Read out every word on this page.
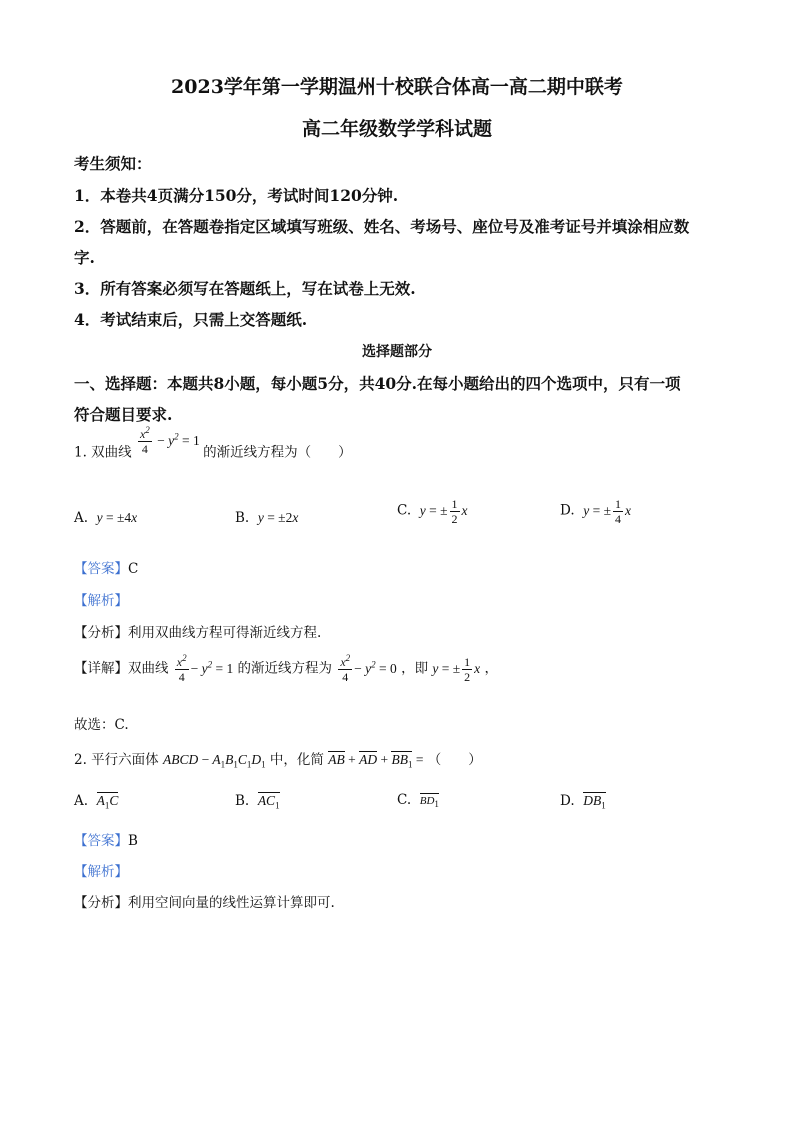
2023学年第一学期温州十校联合体高一高二期中联考
高二年级数学学科试题
考生须知：
1．本卷共4页满分150分，考试时间120分钟.
2．答题前，在答题卷指定区域填写班级、姓名、考场号、座位号及准考证号并填涂相应数
字.
3．所有答案必须写在答题纸上，写在试卷上无效.
4．考试结束后，只需上交答题纸.
选择题部分
一、选择题：本题共8小题，每小题5分，共40分.在每小题给出的四个选项中，只有一项
符合题目要求.
1. 双曲线 $\frac{x^2}{4} - y^2 = 1$ 的渐近线方程为（　　）
A. y = ±4x	B. y = ±2x	C. y = ± $\frac{1}{2}$ x	D. y = ± $\frac{1}{4}$ x
【答案】C
【解析】
【分析】利用双曲线方程可得渐近线方程.
【详解】双曲线 $\frac{x^2}{4} - y^2 = 1$ 的渐近线方程为 $\frac{x^2}{4} - y^2 = 0$ ，即 y = ± $\frac{1}{2}$ x ，
故选：C.
2. 平行六面体 ABCD − $A_1B_1C_1D_1$ 中，化简 AB + AD + $BB_1$ = （　　）
A. $A_1C$	B. $AC_1$	C. $BD_1$	D. $DB_1$
【答案】B
【解析】
【分析】利用空间向量的线性运算计算即可.
